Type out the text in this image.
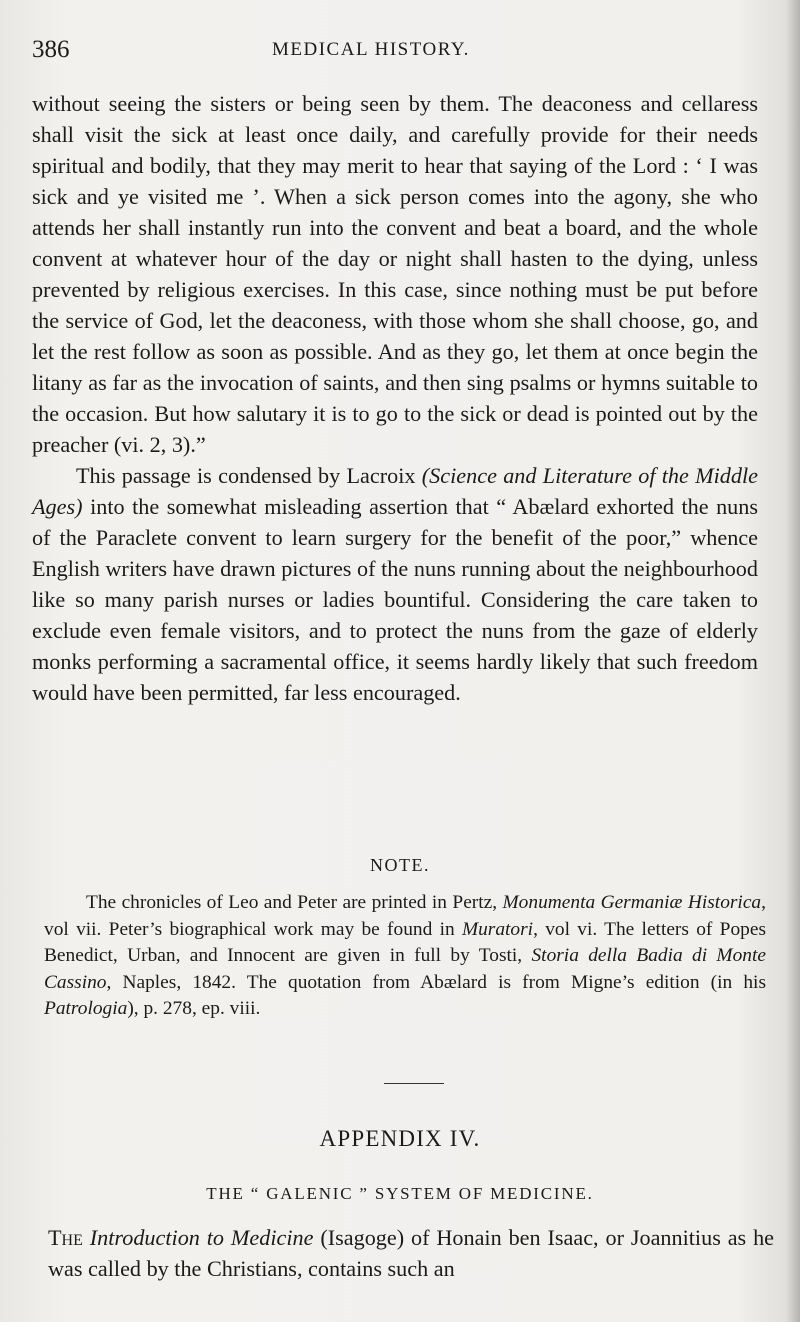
386	MEDICAL HISTORY.

without seeing the sisters or being seen by them. The deaconess and cellaress shall visit the sick at least once daily, and carefully provide for their needs spiritual and bodily, that they may merit to hear that saying of the Lord : ‘ I was sick and ye visited me ’. When a sick person comes into the agony, she who attends her shall instantly run into the convent and beat a board, and the whole convent at whatever hour of the day or night shall hasten to the dying, unless prevented by religious exercises. In this case, since nothing must be put before the service of God, let the deaconess, with those whom she shall choose, go, and let the rest follow as soon as possible. And as they go, let them at once begin the litany as far as the invocation of saints, and then sing psalms or hymns suitable to the occasion. But how salutary it is to go to the sick or dead is pointed out by the preacher (vi. 2, 3).”

This passage is condensed by Lacroix (Science and Literature of the Middle Ages) into the somewhat misleading assertion that “ Abælard exhorted the nuns of the Paraclete convent to learn surgery for the benefit of the poor,” whence English writers have drawn pictures of the nuns running about the neighbourhood like so many parish nurses or ladies bountiful. Considering the care taken to exclude even female visitors, and to protect the nuns from the gaze of elderly monks performing a sacramental office, it seems hardly likely that such freedom would have been permitted, far less encouraged.

NOTE.

The chronicles of Leo and Peter are printed in Pertz, Monumenta Germaniæ Historica, vol vii. Peter’s biographical work may be found in Muratori, vol vi. The letters of Popes Benedict, Urban, and Innocent are given in full by Tosti, Storia della Badia di Monte Cassino, Naples, 1842. The quotation from Abælard is from Migne’s edition (in his Patrologia), p. 278, ep. viii.

APPENDIX IV.
THE “ GALENIC ” SYSTEM OF MEDICINE.

The Introduction to Medicine (Isagoge) of Honain ben Isaac, or Joannitius as he was called by the Christians, contains such an
